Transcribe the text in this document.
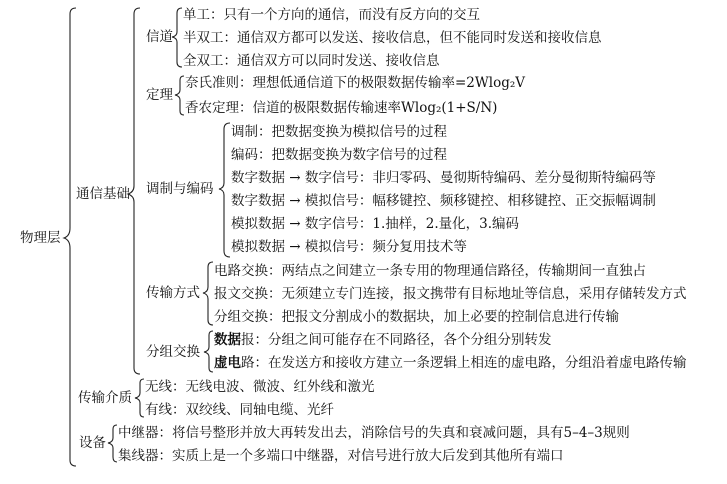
物理层
通信基础
传输介质
设备
信道
定理
调制与编码
传输方式
分组交换
单工：只有一个方向的通信，而没有反方向的交互
半双工：通信双方都可以发送、接收信息，但不能同时发送和接收信息
全双工：通信双方可以同时发送、接收信息
奈氏准则：理想低通信道下的极限数据传输率=2Wlog₂V
香农定理：信道的极限数据传输速率Wlog₂(1+S/N)
调制：把数据变换为模拟信号的过程
编码：把数据变换为数字信号的过程
数字数据 → 数字信号：非归零码、曼彻斯特编码、差分曼彻斯特编码等
数字数据 → 模拟信号：幅移键控、频移键控、相移键控、正交振幅调制
模拟数据 → 数字信号：1.抽样，2.量化，3.编码
模拟数据 → 模拟信号：频分复用技术等
电路交换：两结点之间建立一条专用的物理通信路径，传输期间一直独占
报文交换：无须建立专门连接，报文携带有目标地址等信息，采用存储转发方式
分组交换：把报文分割成小的数据块，加上必要的控制信息进行传输
数据报：分组之间可能存在不同路径，各个分组分别转发
虚电路：在发送方和接收方建立一条逻辑上相连的虚电路，分组沿着虚电路传输
无线：无线电波、微波、红外线和激光
有线：双绞线、同轴电缆、光纤
中继器：将信号整形并放大再转发出去，消除信号的失真和衰减问题，具有5–4–3规则
集线器：实质上是一个多端口中继器，对信号进行放大后发到其他所有端口
